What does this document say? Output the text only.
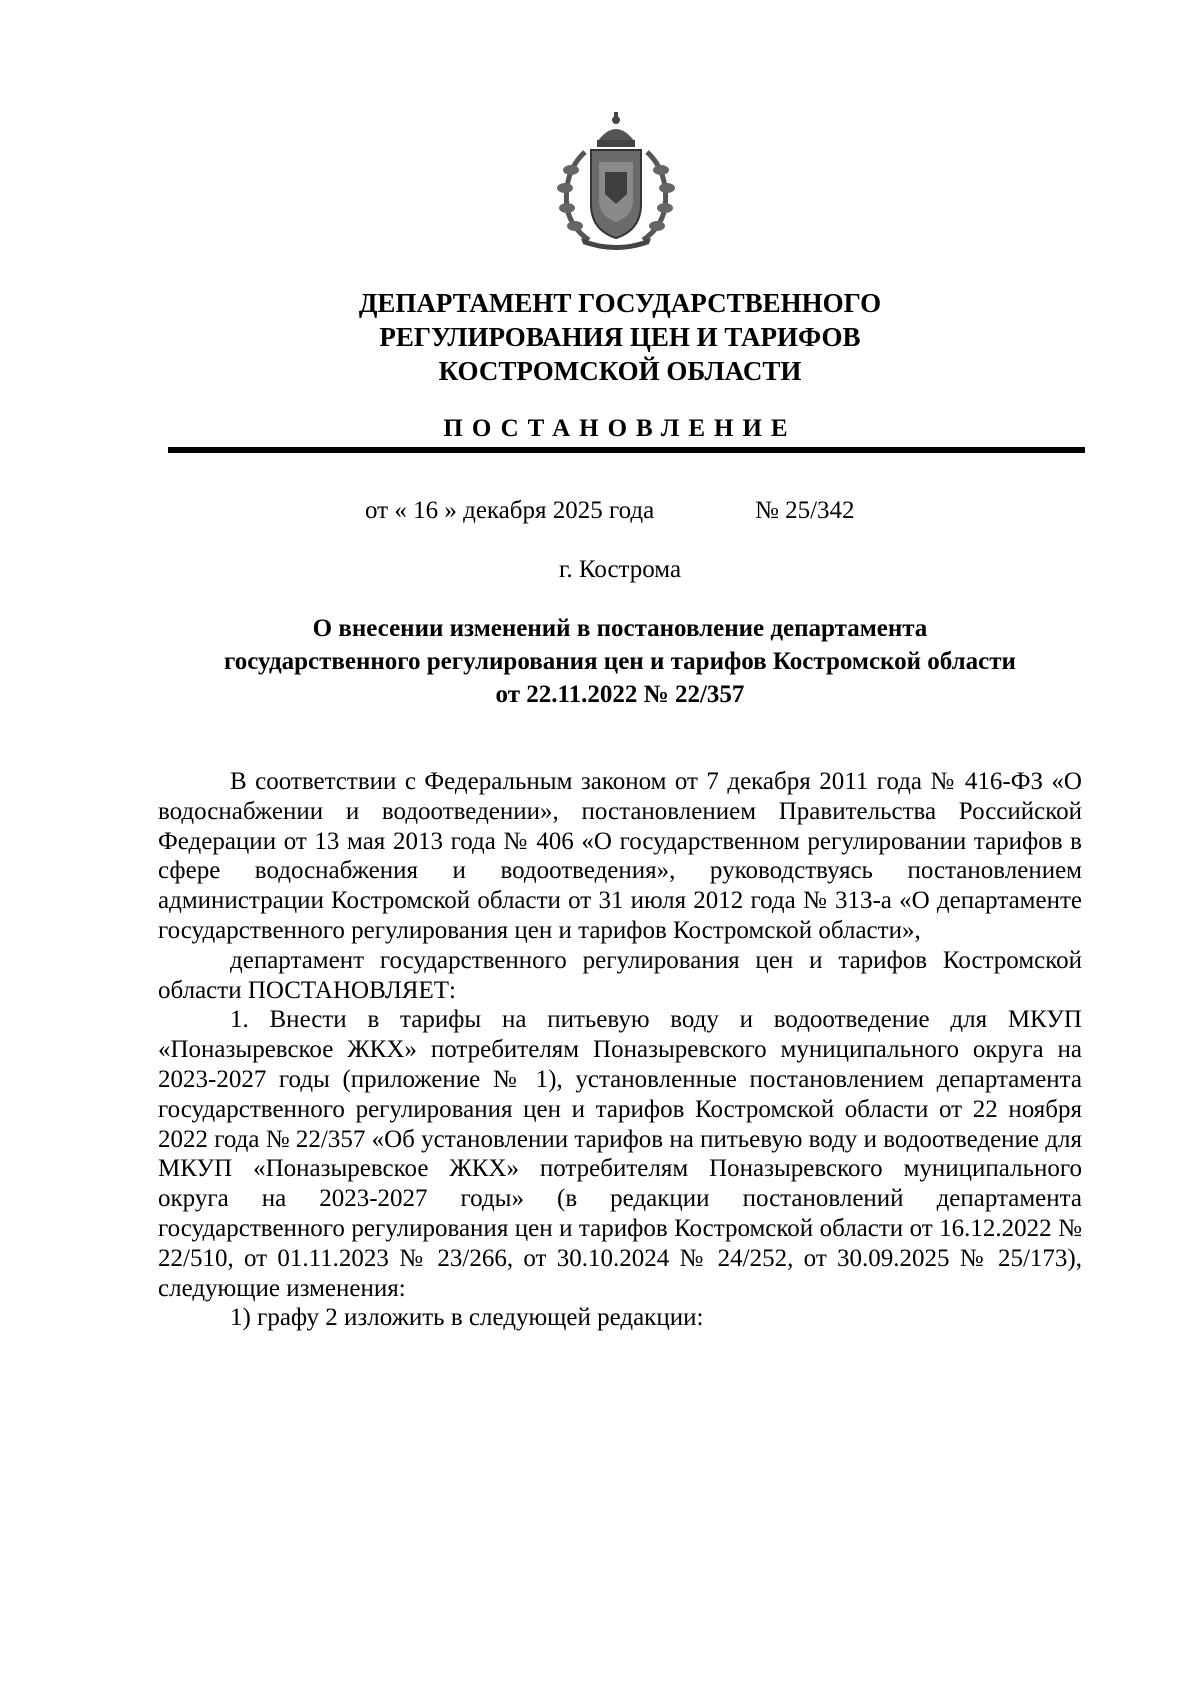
ДЕПАРТАМЕНТ ГОСУДАРСТВЕННОГО
РЕГУЛИРОВАНИЯ ЦЕН И ТАРИФОВ
КОСТРОМСКОЙ ОБЛАСТИ
ПОСТАНОВЛЕНИЕ
от « 16 » декабря 2025 года	№ 25/342
г. Кострома
О внесении изменений в постановление департамента
государственного регулирования цен и тарифов Костромской области
от 22.11.2022 № 22/357

В соответствии с Федеральным законом от 7 декабря 2011 года № 416-ФЗ «О водоснабжении и водоотведении», постановлением Правительства Российской Федерации от 13 мая 2013 года № 406 «О государственном регулировании тарифов в сфере водоснабжения и водоотведения», руководствуясь постановлением администрации Костромской области от 31 июля 2012 года № 313-а «О департаменте государственного регулирования цен и тарифов Костромской области»,

департамент государственного регулирования цен и тарифов Костромской области ПОСТАНОВЛЯЕТ:

1. Внести в тарифы на питьевую воду и водоотведение для МКУП «Поназыревское ЖКХ» потребителям Поназыревского муниципального округа на 2023-2027 годы (приложение № 1), установленные постановлением департамента государственного регулирования цен и тарифов Костромской области от 22 ноября 2022 года № 22/357 «Об установлении тарифов на питьевую воду и водоотведение для МКУП «Поназыревское ЖКХ» потребителям Поназыревского муниципального округа на 2023-2027 годы» (в редакции постановлений департамента государственного регулирования цен и тарифов Костромской области от 16.12.2022 № 22/510, от 01.11.2023 № 23/266, от 30.10.2024 № 24/252, от 30.09.2025 № 25/173), следующие изменения:

1) графу 2 изложить в следующей редакции:
